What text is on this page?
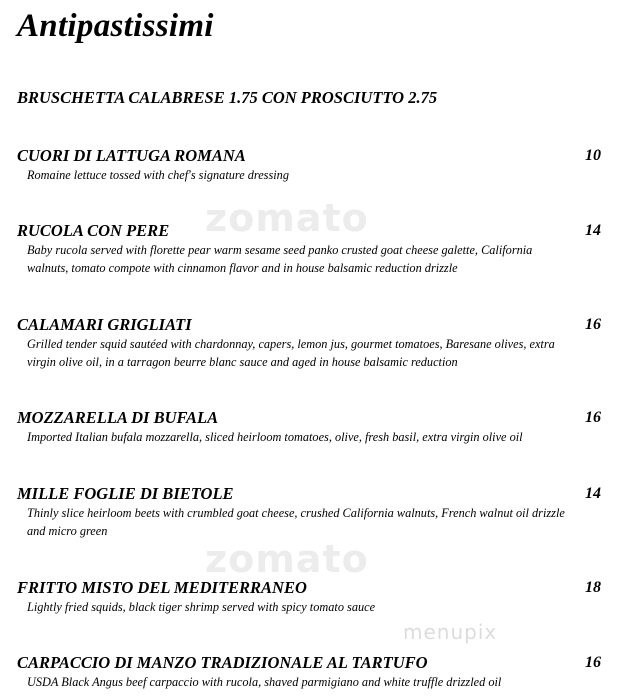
zomato
zomato
menupix
Antipastissimi
BRUSCHETTA CALABRESE 1.75 CON PROSCIUTTO 2.75
CUORI DI LATTUGA ROMANA	10
Romaine lettuce tossed with chef's signature dressing
RUCOLA CON PERE	14
Baby rucola served with florette pear warm sesame seed panko crusted goat cheese galette, California walnuts, tomato compote with cinnamon flavor and in house balsamic reduction drizzle
CALAMARI GRIGLIATI	16
Grilled tender squid sautéed with chardonnay, capers, lemon jus, gourmet tomatoes, Baresane olives, extra virgin olive oil, in a tarragon beurre blanc sauce and aged in house balsamic reduction
MOZZARELLA DI BUFALA	16
Imported Italian bufala mozzarella, sliced heirloom tomatoes, olive, fresh basil, extra virgin olive oil
MILLE FOGLIE DI BIETOLE	14
Thinly slice heirloom beets with crumbled goat cheese, crushed California walnuts, French walnut oil drizzle and micro green
FRITTO MISTO DEL MEDITERRANEO	18
Lightly fried squids, black tiger shrimp served with spicy tomato sauce
CARPACCIO DI MANZO TRADIZIONALE AL TARTUFO	16
USDA Black Angus beef carpaccio with rucola, shaved parmigiano and white truffle drizzled oil
